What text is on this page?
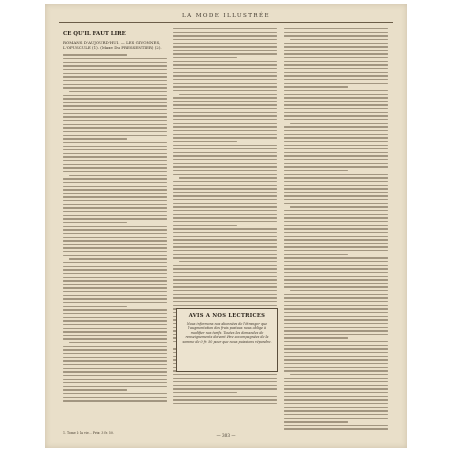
LA MODE ILLUSTRÉE
CE QU'IL FAUT LIRE
ROMANS D'AUJOURD'HUI. — LES GIVONNES, L'OPUSCULE (1). (Maxe Du PRESSENTIER) (2).
AVIS A NOS LECTRICES
Nous informons nos abonnées de l'étranger que l'augmentation des frais postaux nous oblige à modifier nos tarifs. Toutes les demandes de renseignements doivent être accompagnées de la somme de 0 fr. 50 pour que nous puissions répondre.
1. Tome I: la vie... Prix: 3 fr. 50.	— 303 —
